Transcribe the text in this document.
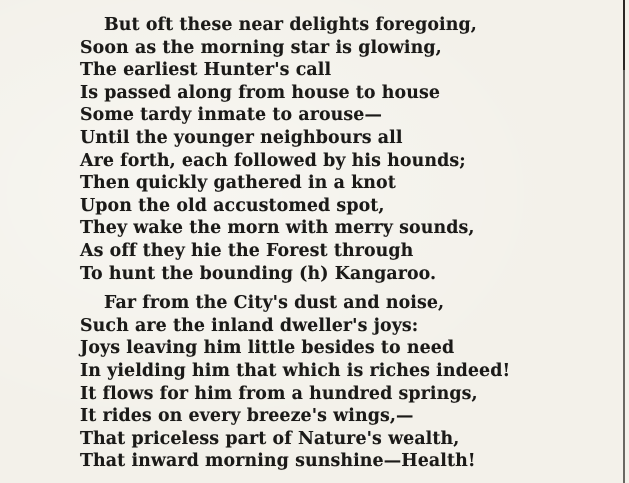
But oft these near delights foregoing,
Soon as the morning star is glowing,
The earliest Hunter's call
Is passed along from house to house
Some tardy inmate to arouse—
Until the younger neighbours all
Are forth, each followed by his hounds;
Then quickly gathered in a knot
Upon the old accustomed spot,
They wake the morn with merry sounds,
As off they hie the Forest through
To hunt the bounding (h) Kangaroo.
Far from the City's dust and noise,
Such are the inland dweller's joys:
Joys leaving him little besides to need
In yielding him that which is riches indeed!
It flows for him from a hundred springs,
It rides on every breeze's wings,—
That priceless part of Nature's wealth,
That inward morning sunshine—Health!
